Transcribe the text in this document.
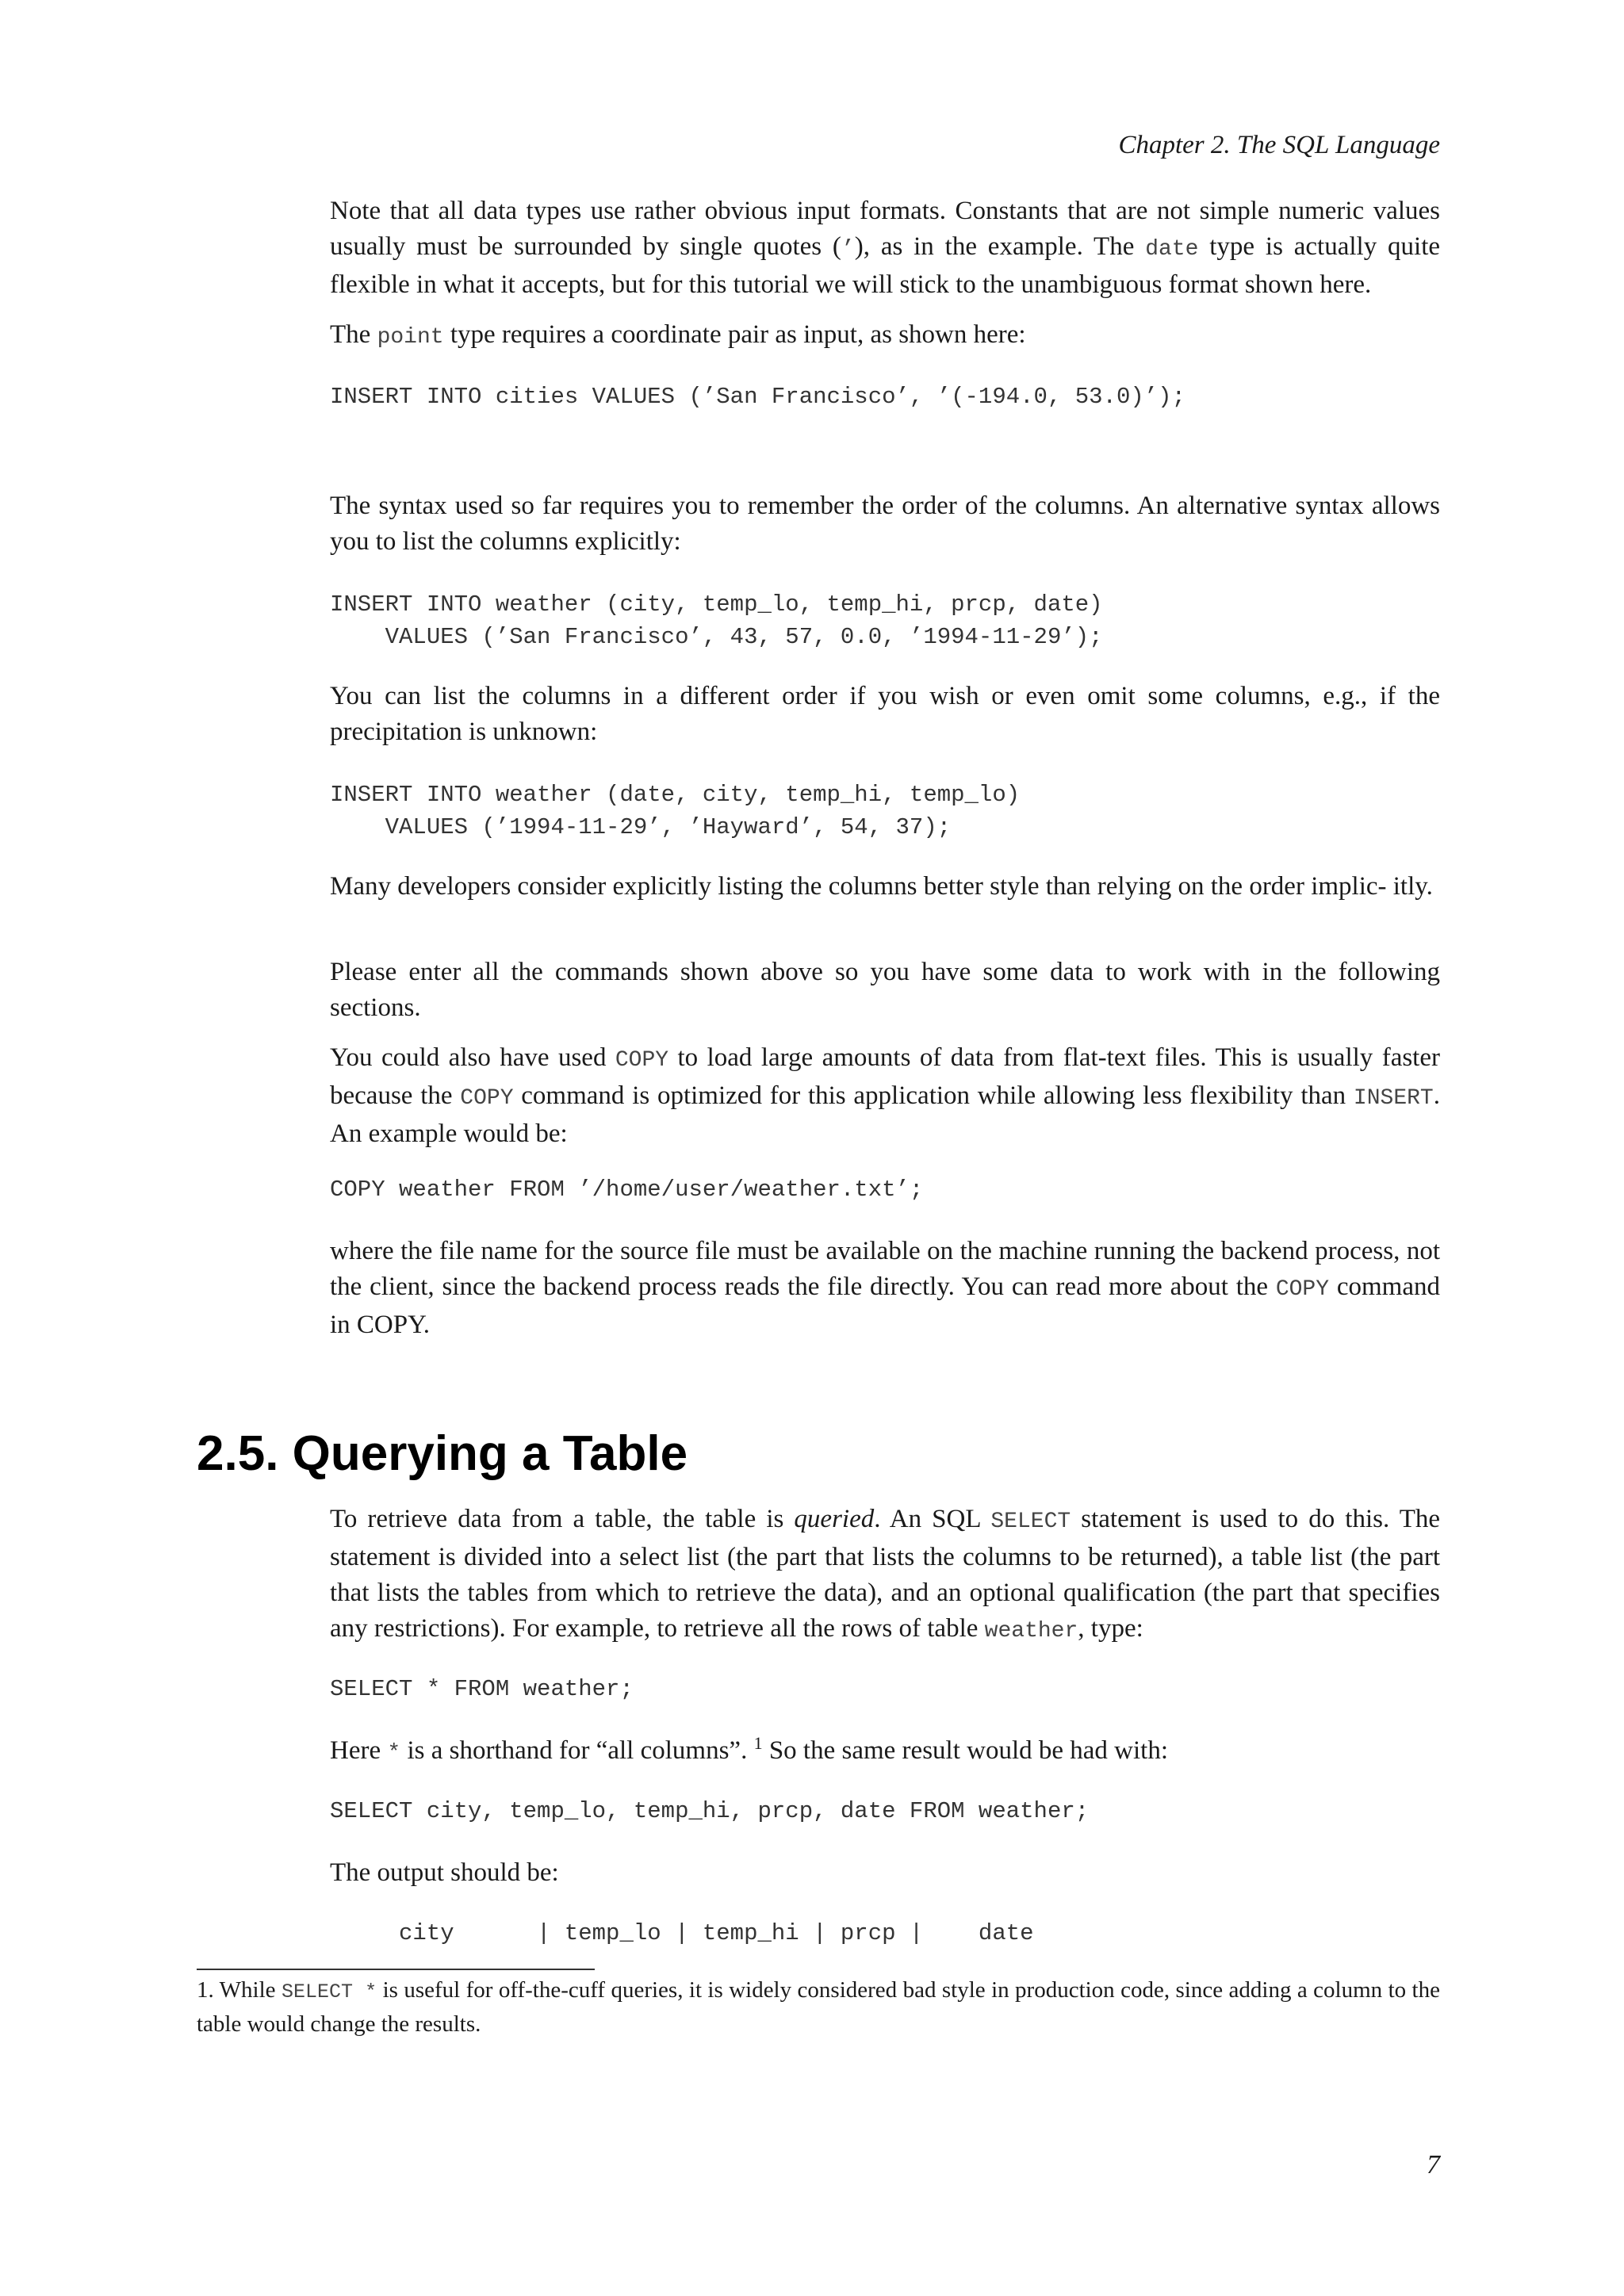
Chapter 2. The SQL Language

Note that all data types use rather obvious input formats. Constants that are not simple numeric values usually must be surrounded by single quotes (’), as in the example. The date type is actually quite flexible in what it accepts, but for this tutorial we will stick to the unambiguous format shown here.

The point type requires a coordinate pair as input, as shown here:

INSERT INTO cities VALUES (’San Francisco’, ’(-194.0, 53.0)’);

The syntax used so far requires you to remember the order of the columns. An alternative syntax allows you to list the columns explicitly:

INSERT INTO weather (city, temp_lo, temp_hi, prcp, date)
VALUES (’San Francisco’, 43, 57, 0.0, ’1994-11-29’);

You can list the columns in a different order if you wish or even omit some columns, e.g., if the precipitation is unknown:

INSERT INTO weather (date, city, temp_hi, temp_lo)
VALUES (’1994-11-29’, ’Hayward’, 54, 37);

Many developers consider explicitly listing the columns better style than relying on the order implic- itly.

Please enter all the commands shown above so you have some data to work with in the following sections.

You could also have used COPY to load large amounts of data from flat-text files. This is usually faster because the COPY command is optimized for this application while allowing less flexibility than INSERT. An example would be:

COPY weather FROM ’/home/user/weather.txt’;

where the file name for the source file must be available on the machine running the backend process, not the client, since the backend process reads the file directly. You can read more about the COPY command in COPY.

2.5. Querying a Table

To retrieve data from a table, the table is queried. An SQL SELECT statement is used to do this. The statement is divided into a select list (the part that lists the columns to be returned), a table list (the part that lists the tables from which to retrieve the data), and an optional qualification (the part that specifies any restrictions). For example, to retrieve all the rows of table weather, type:

SELECT * FROM weather;

Here * is a shorthand for “all columns”. $^1$ So the same result would be had with:

SELECT city, temp_lo, temp_hi, prcp, date FROM weather;

The output should be:

city      | temp_lo | temp_hi | prcp |    date

1. While SELECT * is useful for off-the-cuff queries, it is widely considered bad style in production code, since adding a column to the table would change the results.

7
